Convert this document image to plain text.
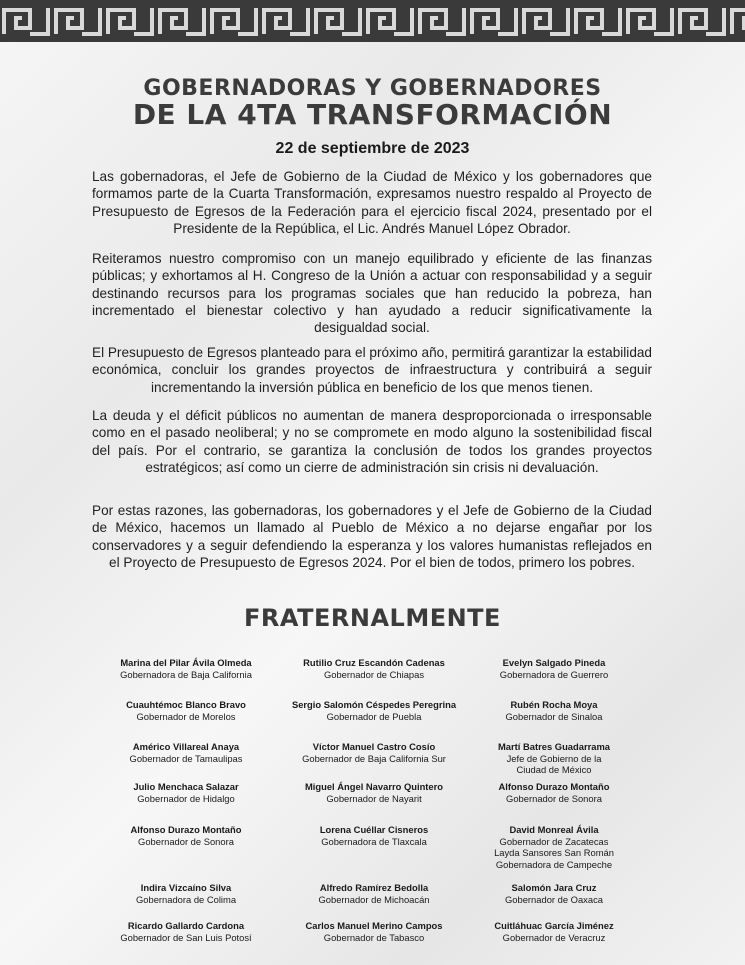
GOBERNADORAS Y GOBERNADORES
DE LA 4TA TRANSFORMACIÓN
22 de septiembre de 2023

Las gobernadoras, el Jefe de Gobierno de la Ciudad de México y los gobernadores que formamos parte de la Cuarta Transformación, expresamos nuestro respaldo al Proyecto de Presupuesto de Egresos de la Federación para el ejercicio fiscal 2024, presentado por el Presidente de la República, el Lic. Andrés Manuel López Obrador.

Reiteramos nuestro compromiso con un manejo equilibrado y eficiente de las finanzas públicas; y exhortamos al H. Congreso de la Unión a actuar con responsabilidad y a seguir destinando recursos para los programas sociales que han reducido la pobreza, han incrementado el bienestar colectivo y han ayudado a reducir significativamente la desigualdad social.

El Presupuesto de Egresos planteado para el próximo año, permitirá garantizar la estabilidad económica, concluir los grandes proyectos de infraestructura y contribuirá a seguir incrementando la inversión pública en beneficio de los que menos tienen.

La deuda y el déficit públicos no aumentan de manera desproporcionada o irresponsable como en el pasado neoliberal; y no se compromete en modo alguno la sostenibilidad fiscal del país. Por el contrario, se garantiza la conclusión de todos los grandes proyectos estratégicos; así como un cierre de administración sin crisis ni devaluación.

Por estas razones, las gobernadoras, los gobernadores y el Jefe de Gobierno de la Ciudad de México, hacemos un llamado al Pueblo de México a no dejarse engañar por los conservadores y a seguir defendiendo la esperanza y los valores humanistas reflejados en el Proyecto de Presupuesto de Egresos 2024. Por el bien de todos, primero los pobres.

FRATERNALMENTE
Marina del Pilar Ávila Olmeda
Gobernadora de Baja California
Rutilio Cruz Escandón Cadenas
Gobernador de Chiapas
Evelyn Salgado Pineda
Gobernadora de Guerrero
Cuauhtémoc Blanco Bravo
Gobernador de Morelos
Sergio Salomón Céspedes Peregrina
Gobernador de Puebla
Rubén Rocha Moya
Gobernador de Sinaloa
Américo Villareal Anaya
Gobernador de Tamaulipas
Víctor Manuel Castro Cosío
Gobernador de Baja California Sur
Martí Batres Guadarrama
Jefe de Gobierno de la
Ciudad de México
Julio Menchaca Salazar
Gobernador de Hidalgo
Miguel Ángel Navarro Quintero
Gobernador de Nayarit
Alfonso Durazo Montaño
Gobernador de Sonora
Alfonso Durazo Montaño
Gobernador de Sonora
Lorena Cuéllar Cisneros
Gobernadora de Tlaxcala
David Monreal Ávila
Gobernador de Zacatecas
Layda Sansores San Román
Gobernadora de Campeche
Indira Vizcaíno Silva
Gobernadora de Colima
Alfredo Ramírez Bedolla
Gobernador de Michoacán
Salomón Jara Cruz
Gobernador de Oaxaca
Ricardo Gallardo Cardona
Gobernador de San Luis Potosí
Carlos Manuel Merino Campos
Gobernador de Tabasco
Cuitláhuac García Jiménez
Gobernador de Veracruz
